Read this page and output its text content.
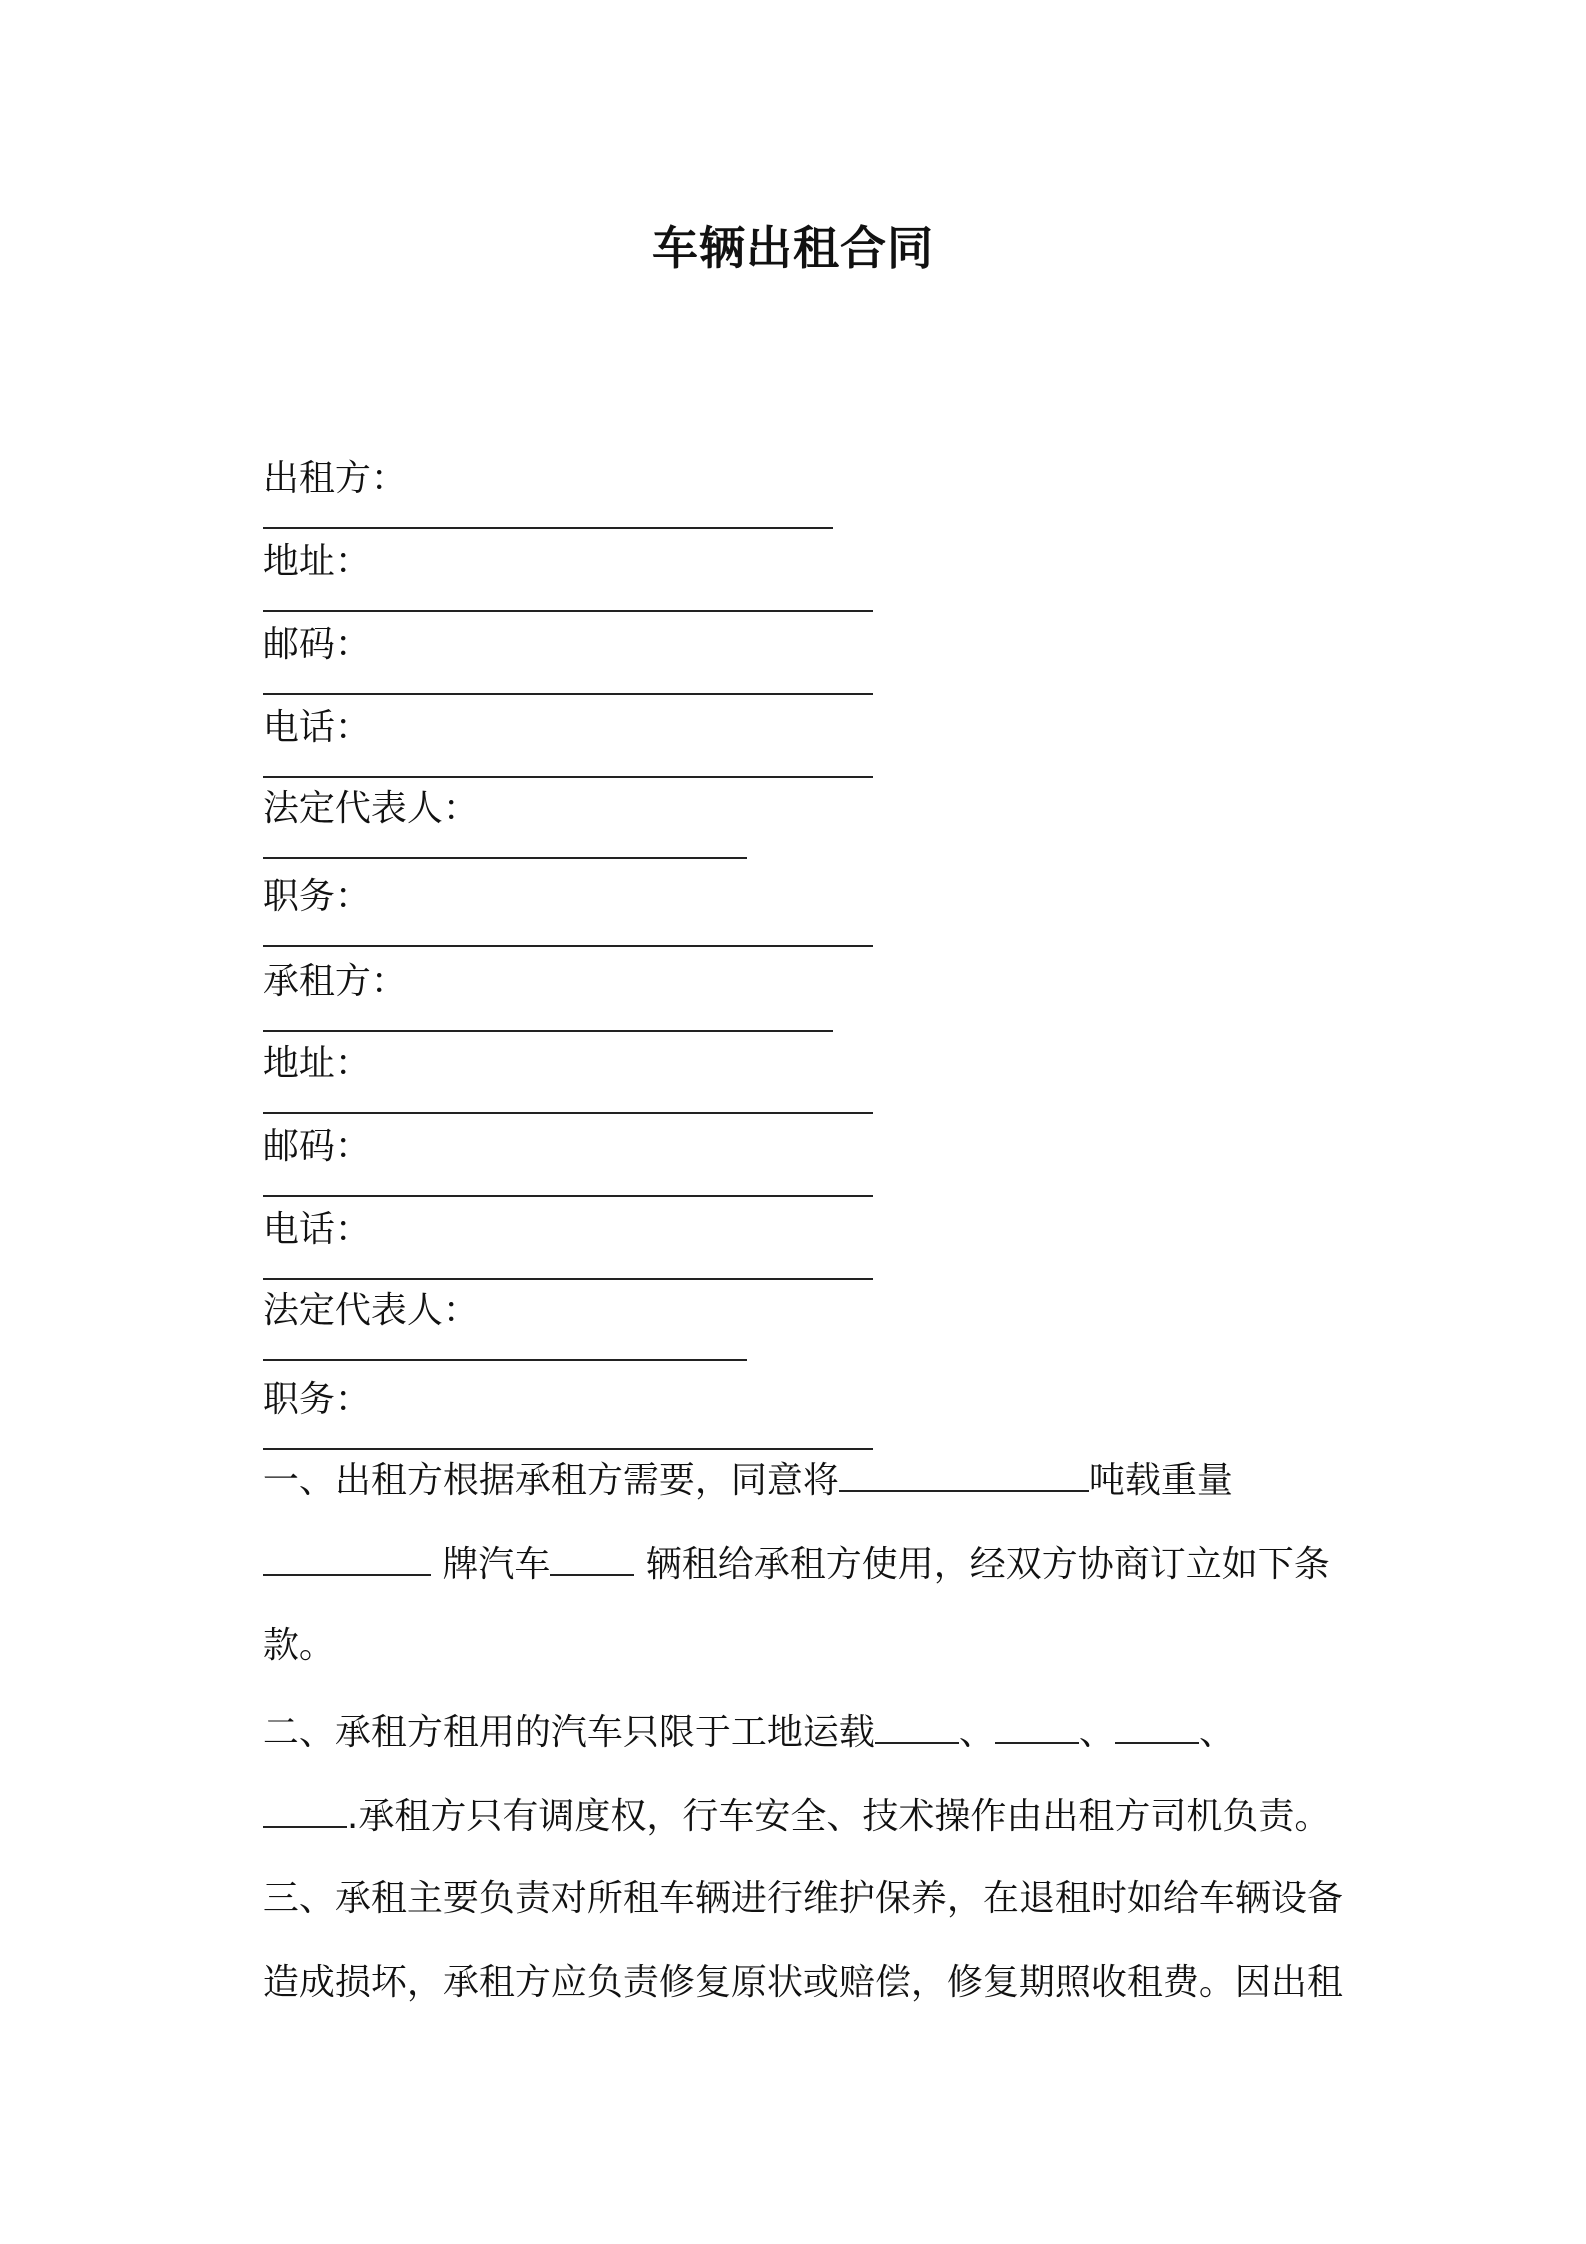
车辆出租合同

出租方：

地址：

邮码：

电话：

法定代表人：

职务：

承租方：

地址：

邮码：

电话：

法定代表人：

职务：

一、出租方根据承租方需要，同意将	吨载重量

牌汽车 辆租给承租方使用，经双方协商订立如下条

款。

二、承租方租用的汽车只限于工地运载 、 、 、

.承租方只有调度权，行车安全、技术操作由出租方司机负责。

三、承租主要负责对所租车辆进行维护保养，在退租时如给车辆设备

造成损坏，承租方应负责修复原状或赔偿，修复期照收租费。因出租
